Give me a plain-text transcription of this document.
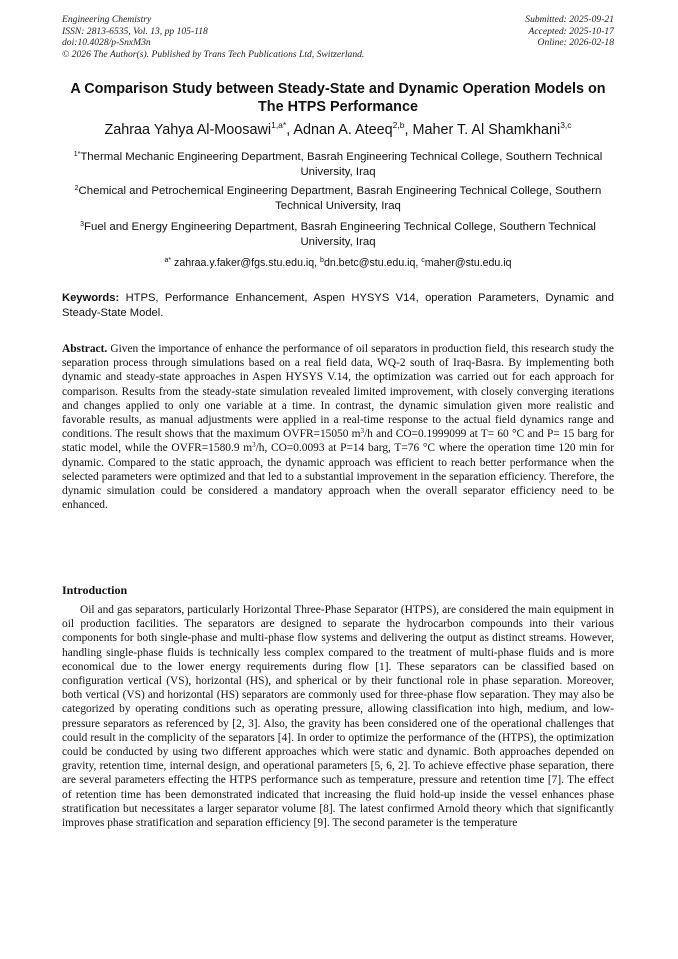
Engineering Chemistry
ISSN: 2813-6535, Vol. 13, pp 105-118
doi:10.4028/p-SnxM3n
© 2026 The Author(s). Published by Trans Tech Publications Ltd, Switzerland.
Submitted: 2025-09-21
Accepted: 2025-10-17
Online: 2026-02-18
A Comparison Study between Steady-State and Dynamic Operation Models on The HTPS Performance
Zahraa Yahya Al-Moosawi$^{1,a*}$, Adnan A. Ateeq$^{2,b}$, Maher T. Al Shamkhani$^{3,c}$
$^{1*}$Thermal Mechanic Engineering Department, Basrah Engineering Technical College, Southern Technical University, Iraq
$^2$Chemical and Petrochemical Engineering Department, Basrah Engineering Technical College, Southern Technical University, Iraq
$^3$Fuel and Energy Engineering Department, Basrah Engineering Technical College, Southern Technical University, Iraq
$^{a*}$ zahraa.y.faker@fgs.stu.edu.iq, $^b$dn.betc@stu.edu.iq, $^c$maher@stu.edu.iq
Keywords: HTPS, Performance Enhancement, Aspen HYSYS V14, operation Parameters, Dynamic and Steady-State Model.
Abstract. Given the importance of enhance the performance of oil separators in production field, this research study the separation process through simulations based on a real field data, WQ-2 south of Iraq-Basra. By implementing both dynamic and steady-state approaches in Aspen HYSYS V.14, the optimization was carried out for each approach for comparison. Results from the steady-state simulation revealed limited improvement, with closely converging iterations and changes applied to only one variable at a time. In contrast, the dynamic simulation given more realistic and favorable results, as manual adjustments were applied in a real-time response to the actual field dynamics range and conditions. The result shows that the maximum OVFR=15050 $m^3/h$ and CO=0.1999099 at T= 60 °C and P= 15 barg for static model, while the OVFR=1580.9 $m^3/h$, CO=0.0093 at P=14 barg, T=76 °C where the operation time 120 min for dynamic. Compared to the static approach, the dynamic approach was efficient to reach better performance when the selected parameters were optimized and that led to a substantial improvement in the separation efficiency. Therefore, the dynamic simulation could be considered a mandatory approach when the overall separator efficiency need to be enhanced.
Introduction
Oil and gas separators, particularly Horizontal Three-Phase Separator (HTPS), are considered the main equipment in oil production facilities. The separators are designed to separate the hydrocarbon compounds into their various components for both single-phase and multi-phase flow systems and delivering the output as distinct streams. However, handling single-phase fluids is technically less complex compared to the treatment of multi-phase fluids and is more economical due to the lower energy requirements during flow [1]. These separators can be classified based on configuration vertical (VS), horizontal (HS), and spherical or by their functional role in phase separation. Moreover, both vertical (VS) and horizontal (HS) separators are commonly used for three-phase flow separation. They may also be categorized by operating conditions such as operating pressure, allowing classification into high, medium, and low-pressure separators as referenced by [2, 3]. Also, the gravity has been considered one of the operational challenges that could result in the complicity of the separators [4]. In order to optimize the performance of the (HTPS), the optimization could be conducted by using two different approaches which were static and dynamic. Both approaches depended on gravity, retention time, internal design, and operational parameters [5, 6, 2]. To achieve effective phase separation, there are several parameters effecting the HTPS performance such as temperature, pressure and retention time [7]. The effect of retention time has been demonstrated indicated that increasing the fluid hold-up inside the vessel enhances phase stratification but necessitates a larger separator volume [8]. The latest confirmed Arnold theory which that significantly improves phase stratification and separation efficiency [9]. The second parameter is the temperature
